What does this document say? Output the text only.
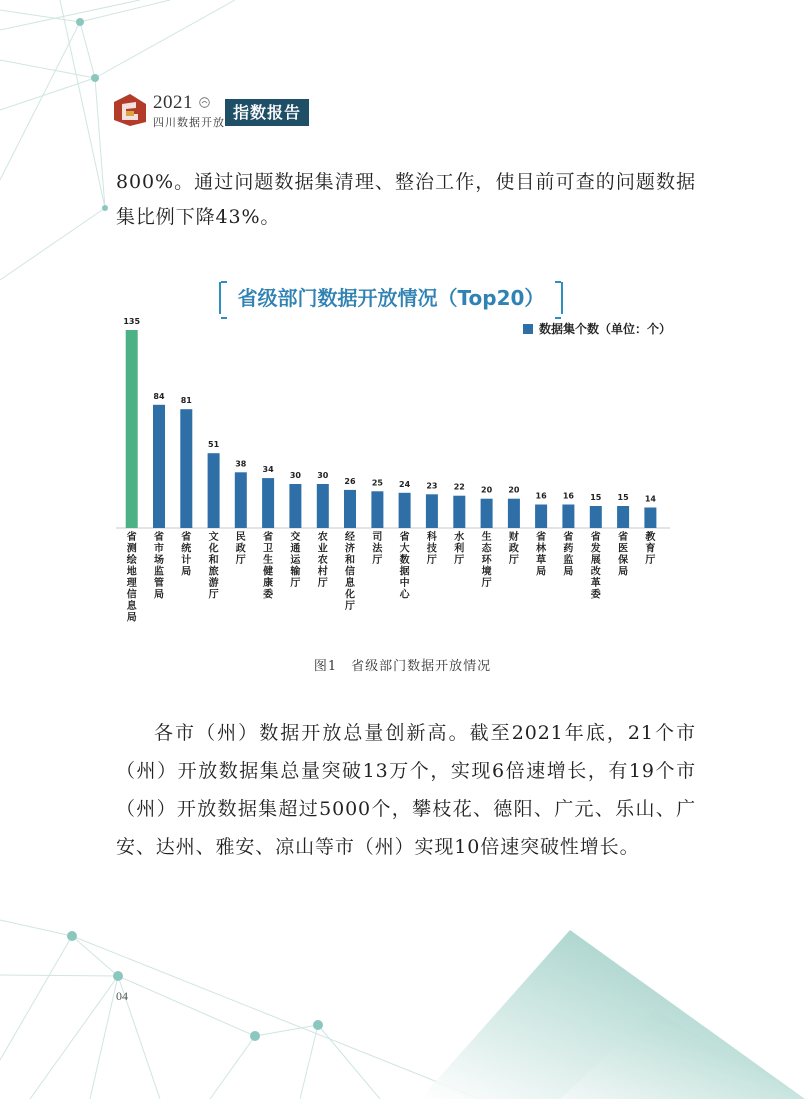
2021
四川数据开放
指数报告

800%。通过问题数据集清理、整治工作，使目前可查的问题数据集比例下降43%。

省级部门数据开放情况（Top20）
数据集个数（单位：个）
135
省测绘地理信息局
84
省市场监管局
81
省统计局
51
文化和旅游厅
38
民政厅
34
省卫生健康委
30
交通运输厅
30
农业农村厅
26
经济和信息化厅
25
司法厅
24
省大数据中心
23
科技厅
22
水利厅
20
生态环境厅
20
财政厅
16
省林草局
16
省药监局
15
省发展改革委
15
省医保局
14
教育厅
图1　省级部门数据开放情况

各市（州）数据开放总量创新高。截至2021年底，21个市（州）开放数据集总量突破13万个，实现6倍速增长，有19个市（州）开放数据集超过5000个，攀枝花、德阳、广元、乐山、广安、达州、雅安、凉山等市（州）实现10倍速突破性增长。

04
